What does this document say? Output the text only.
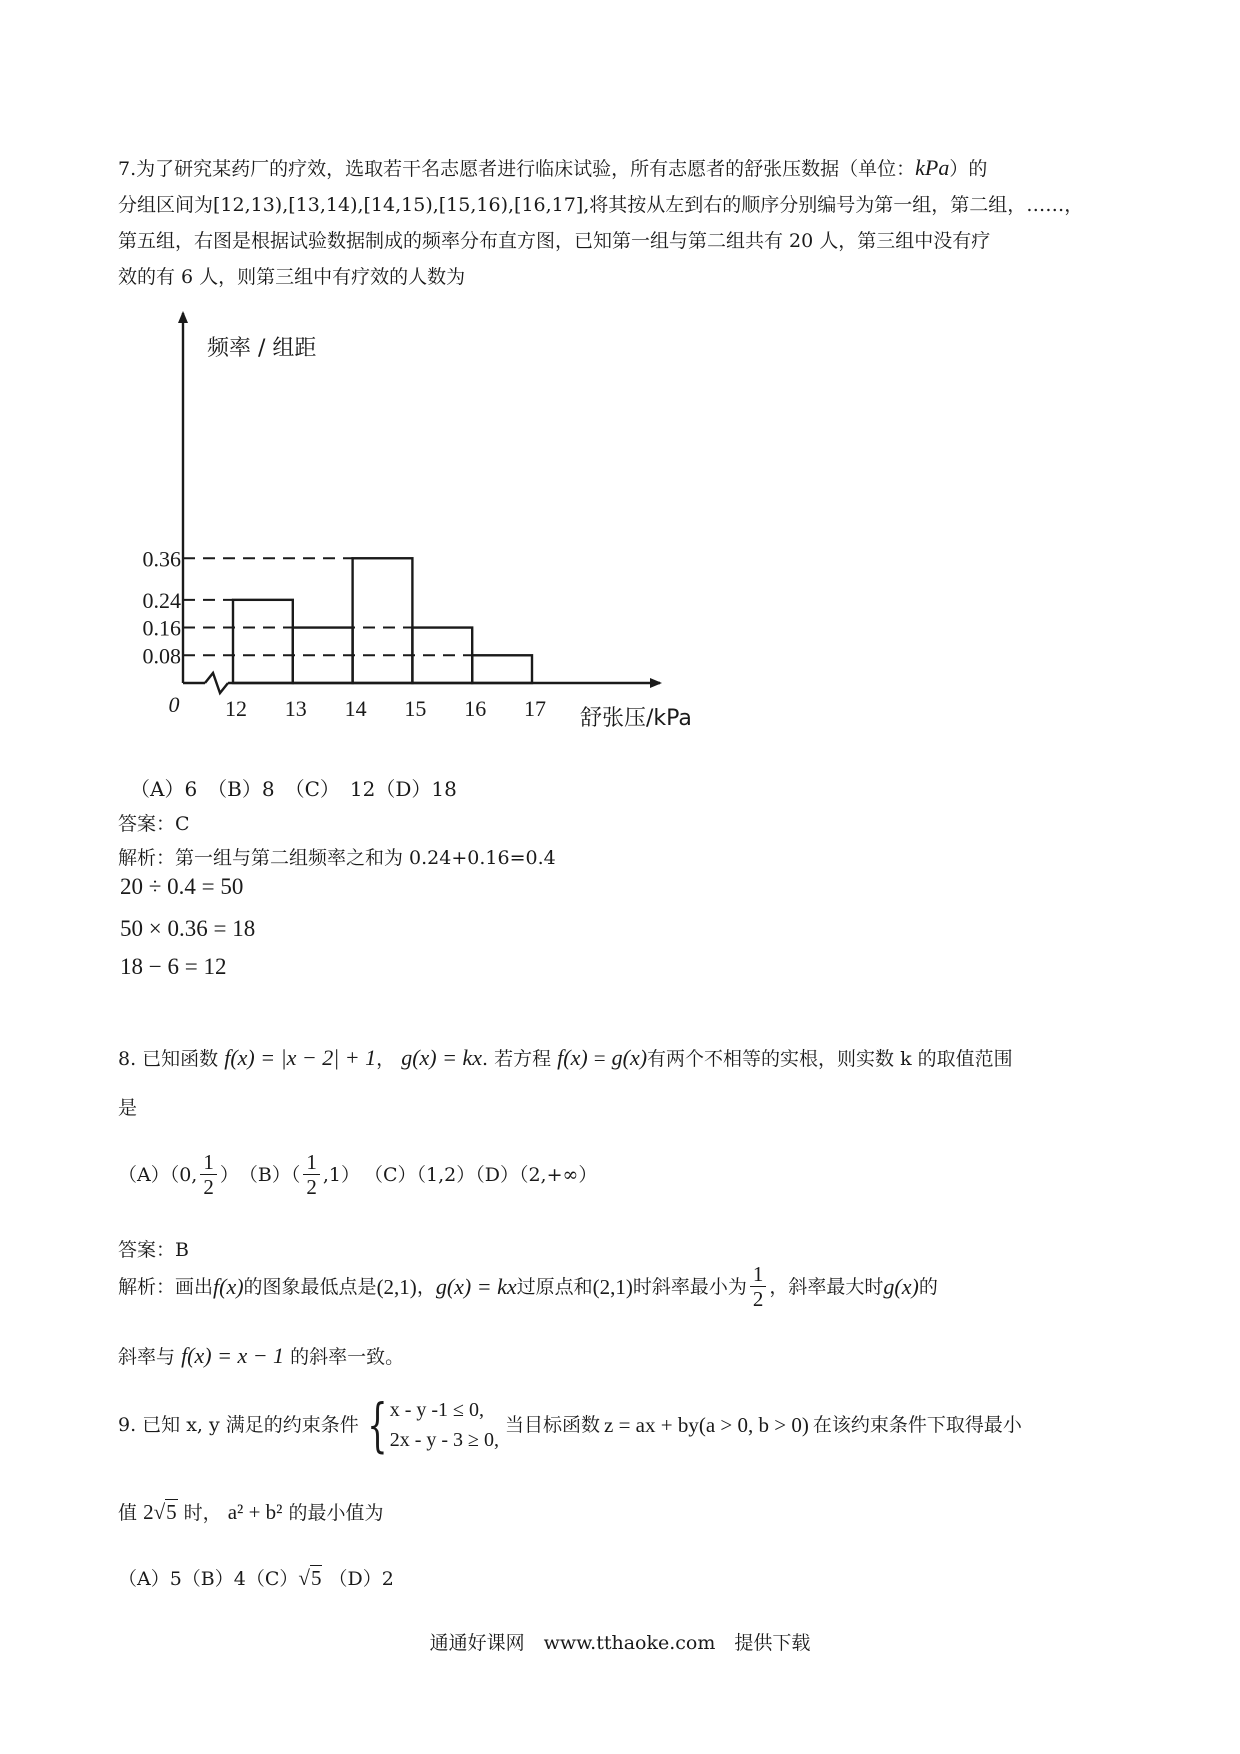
7.为了研究某药厂的疗效，选取若干名志愿者进行临床试验，所有志愿者的舒张压数据（单位：kPa）的
分组区间为[12,13),[13,14),[14,15),[15,16),[16,17],将其按从左到右的顺序分别编号为第一组，第二组，……，
第五组，右图是根据试验数据制成的频率分布直方图，已知第一组与第二组共有 20 人，第三组中没有疗
效的有 6 人，则第三组中有疗效的人数为
0.36
0.24
0.16
0.08
0 12 13 14 15 16 17
频率 / 组距
舒张压/kPa
（A）6　（B）8　（C）　12（D）18
答案：C
解析：第一组与第二组频率之和为 0.24+0.16=0.4
20 ÷ 0.4 = 50
50 × 0.36 = 18
18 − 6 = 12
8. 已知函数 f(x) = |x − 2| + 1， g(x) = kx. 若方程 f(x) = g(x)有两个不相等的实根，则实数 k 的取值范围
是
（A）（0, $\frac{1}{2}$ ） $(B)( \frac{1}{2} ,1)$ （C）（1,2）（D）（2,+∞）
答案：B
解析：画出 f(x) 的图象最低点是 (2,1) ， g(x) = kx 过原点和 (2,1) 时斜率最小为 $\frac{1}{2}$ ，斜率最大时 g(x) 的
斜率与 f(x) = x − 1 的斜率一致。
9. 已知 x, y 满足的约束条件 { x - y -1 ≤ 0,
2x - y - 3 ≥ 0,
当目标函数 z = ax + by(a > 0, b > 0) 在该约束条件下取得最小
值 2√5 时， a² + b² 的最小值为
（A）5（B）4（C）√5 （D）2
通通好课网　www.tthaoke.com　提供下载
